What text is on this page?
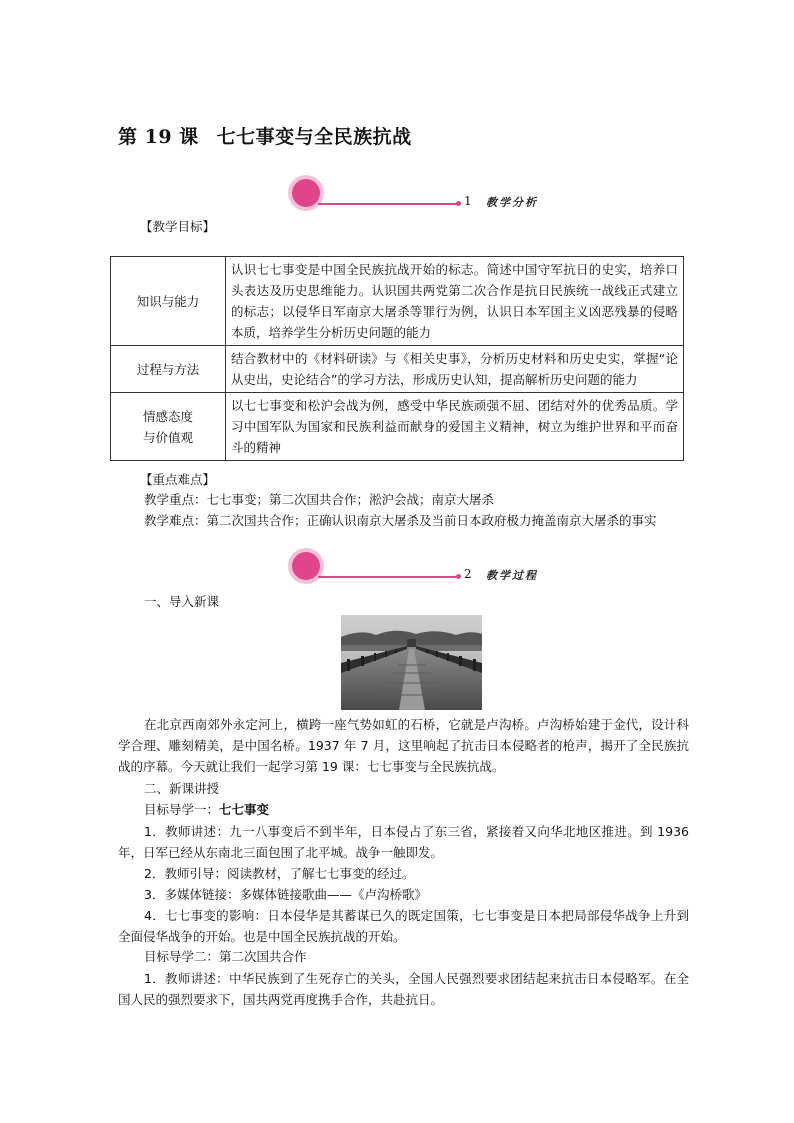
第 19 课 七七事变与全民族抗战
1 教学分析
【教学目标】
知识与能力	认识七七事变是中国全民族抗战开始的标志。简述中国守军抗日的史实，培养口头表达及历史思维能力。认识国共两党第二次合作是抗日民族统一战线正式建立的标志；以侵华日军南京大屠杀等罪行为例，认识日本军国主义凶恶残暴的侵略本质，培养学生分析历史问题的能力
过程与方法	结合教材中的《材料研读》与《相关史事》，分析历史材料和历史史实，掌握“论从史出，史论结合”的学习方法，形成历史认知，提高解析历史问题的能力

情感态度
与价值观	以七七事变和松沪会战为例，感受中华民族顽强不屈、团结对外的优秀品质。学习中国军队为国家和民族利益而献身的爱国主义精神，树立为维护世界和平而奋斗的精神
【重点难点】
教学重点：七七事变；第二次国共合作；淞沪会战；南京大屠杀
教学难点：第二次国共合作；正确认识南京大屠杀及当前日本政府极力掩盖南京大屠杀的事实
2 教学过程
一、导入新课
在北京西南郊外永定河上，横跨一座气势如虹的石桥，它就是卢沟桥。卢沟桥始建于金代，设计科学合理、雕刻精美，是中国名桥。1937 年 7 月，这里响起了抗击日本侵略者的枪声，揭开了全民族抗战的序幕。今天就让我们一起学习第 19 课：七七事变与全民族抗战。
二、新课讲授
目标导学一：七七事变
1．教师讲述：九一八事变后不到半年，日本侵占了东三省，紧接着又向华北地区推进。到 1936 年，日军已经从东南北三面包围了北平城。战争一触即发。
2．教师引导：阅读教材，了解七七事变的经过。
3．多媒体链接：多媒体链接歌曲——《卢沟桥歌》
4．七七事变的影响：日本侵华是其蓄谋已久的既定国策，七七事变是日本把局部侵华战争上升到全面侵华战争的开始。也是中国全民族抗战的开始。
目标导学二：第二次国共合作
1．教师讲述：中华民族到了生死存亡的关头，全国人民强烈要求团结起来抗击日本侵略军。在全国人民的强烈要求下，国共两党再度携手合作，共赴抗日。
